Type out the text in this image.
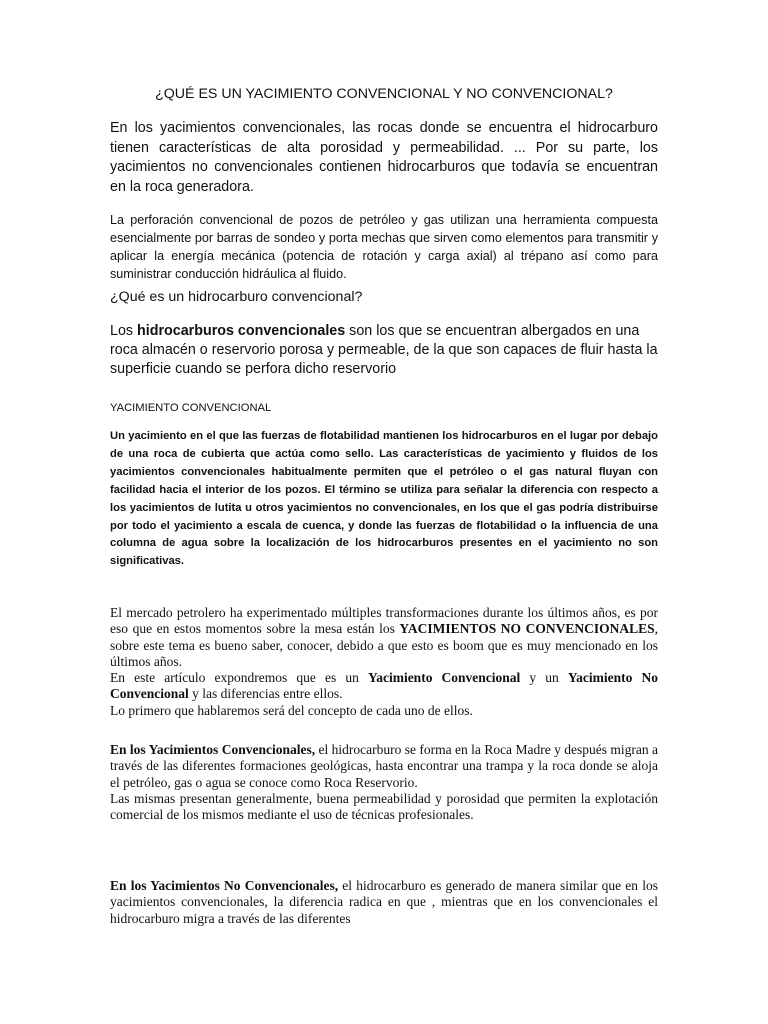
¿QUÉ ES UN YACIMIENTO CONVENCIONAL Y NO CONVENCIONAL?

En los yacimientos convencionales, las rocas donde se encuentra el hidrocarburo tienen características de alta porosidad y permeabilidad. ... Por su parte, los yacimientos no convencionales contienen hidrocarburos que todavía se encuentran en la roca generadora.

La perforación convencional de pozos de petróleo y gas utilizan una herramienta compuesta esencialmente por barras de sondeo y porta mechas que sirven como elementos para transmitir y aplicar la energía mecánica (potencia de rotación y carga axial) al trépano así como para suministrar conducción hidráulica al fluido.

¿Qué es un hidrocarburo convencional?

Los hidrocarburos convencionales son los que se encuentran albergados en una roca almacén o reservorio porosa y permeable, de la que son capaces de fluir hasta la superficie cuando se perfora dicho reservorio

YACIMIENTO CONVENCIONAL

Un yacimiento en el que las fuerzas de flotabilidad mantienen los hidrocarburos en el lugar por debajo de una roca de cubierta que actúa como sello. Las características de yacimiento y fluidos de los yacimientos convencionales habitualmente permiten que el petróleo o el gas natural fluyan con facilidad hacia el interior de los pozos. El término se utiliza para señalar la diferencia con respecto a los yacimientos de lutita u otros yacimientos no convencionales, en los que el gas podría distribuirse por todo el yacimiento a escala de cuenca, y donde las fuerzas de flotabilidad o la influencia de una columna de agua sobre la localización de los hidrocarburos presentes en el yacimiento no son significativas.

El mercado petrolero ha experimentado múltiples transformaciones durante los últimos años, es por eso que en estos momentos sobre la mesa están los YACIMIENTOS NO CONVENCIONALES, sobre este tema es bueno saber, conocer, debido a que esto es boom que es muy mencionado en los últimos años.
En este artículo expondremos que es un Yacimiento Convencional y un Yacimiento No Convencional y las diferencias entre ellos.
Lo primero que hablaremos será del concepto de cada uno de ellos.
En los Yacimientos Convencionales, el hidrocarburo se forma en la Roca Madre y después migran a través de las diferentes formaciones geológicas, hasta encontrar una trampa y la roca donde se aloja el petróleo, gas o agua se conoce como Roca Reservorio.
Las mismas presentan generalmente, buena permeabilidad y porosidad que permiten la explotación comercial de los mismos mediante el uso de técnicas profesionales.
En los Yacimientos No Convencionales, el hidrocarburo es generado de manera similar que en los yacimientos convencionales, la diferencia radica en que , mientras que en los convencionales el hidrocarburo migra a través de las diferentes
